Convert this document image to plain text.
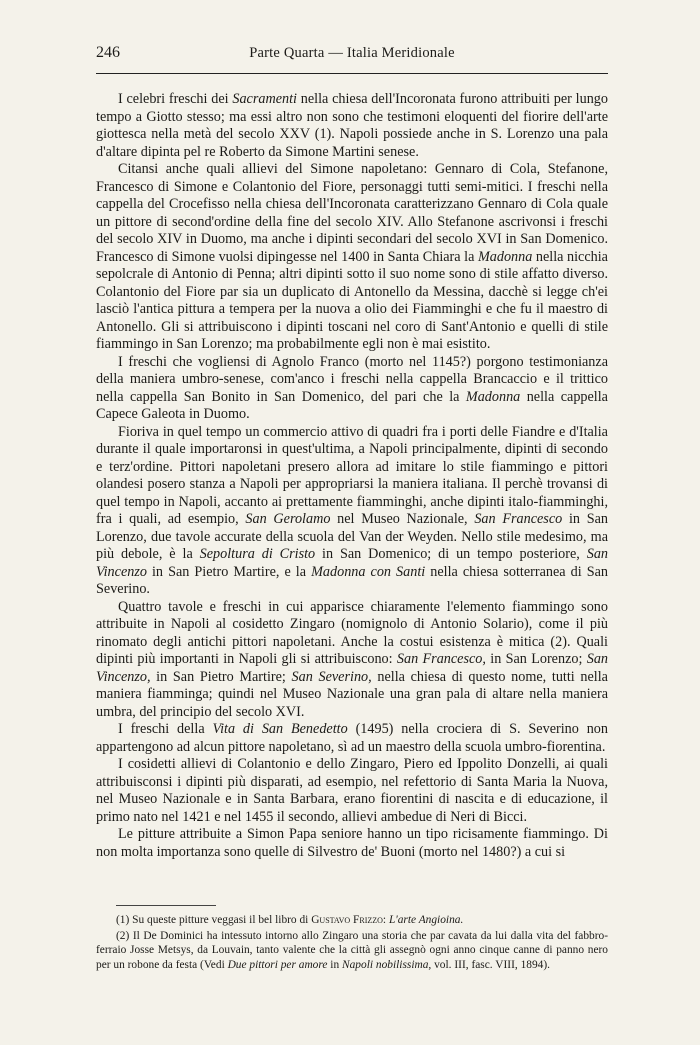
246	Parte Quarta — Italia Meridionale

I celebri freschi dei Sacramenti nella chiesa dell'Incoronata furono attribuiti per lungo tempo a Giotto stesso; ma essi altro non sono che testimoni eloquenti del fiorire dell'arte giottesca nella metà del secolo XXV (1). Napoli possiede anche in S. Lorenzo una pala d'altare dipinta pel re Roberto da Simone Martini senese.

Citansi anche quali allievi del Simone napoletano: Gennaro di Cola, Stefanone, Francesco di Simone e Colantonio del Fiore, personaggi tutti semi-mitici. I freschi nella cappella del Crocefisso nella chiesa dell'Incoronata caratterizzano Gennaro di Cola quale un pittore di second'ordine della fine del secolo XIV. Allo Stefanone ascrivonsi i freschi del secolo XIV in Duomo, ma anche i dipinti secondari del secolo XVI in San Domenico. Francesco di Simone vuolsi dipingesse nel 1400 in Santa Chiara la Madonna nella nicchia sepolcrale di Antonio di Penna; altri dipinti sotto il suo nome sono di stile affatto diverso. Colantonio del Fiore par sia un duplicato di Antonello da Messina, dacchè si legge ch'ei lasciò l'antica pittura a tempera per la nuova a olio dei Fiamminghi e che fu il maestro di Antonello. Gli si attribuiscono i dipinti toscani nel coro di Sant'Antonio e quelli di stile fiammingo in San Lorenzo; ma probabilmente egli non è mai esistito.

I freschi che vogliensi di Agnolo Franco (morto nel 1145?) porgono testimonianza della maniera umbro-senese, com'anco i freschi nella cappella Brancaccio e il trittico nella cappella San Bonito in San Domenico, del pari che la Madonna nella cappella Capece Galeota in Duomo.

Fioriva in quel tempo un commercio attivo di quadri fra i porti delle Fiandre e d'Italia durante il quale importaronsi in quest'ultima, a Napoli principalmente, dipinti di secondo e terz'ordine. Pittori napoletani presero allora ad imitare lo stile fiammingo e pittori olandesi posero stanza a Napoli per appropriarsi la maniera italiana. Il perchè trovansi di quel tempo in Napoli, accanto ai prettamente fiamminghi, anche dipinti italo-fiamminghi, fra i quali, ad esempio, San Gerolamo nel Museo Nazionale, San Francesco in San Lorenzo, due tavole accurate della scuola del Van der Weyden. Nello stile medesimo, ma più debole, è la Sepoltura di Cristo in San Domenico; di un tempo posteriore, San Vincenzo in San Pietro Martire, e la Madonna con Santi nella chiesa sotterranea di San Severino.

Quattro tavole e freschi in cui apparisce chiaramente l'elemento fiammingo sono attribuite in Napoli al cosidetto Zingaro (nomignolo di Antonio Solario), come il più rinomato degli antichi pittori napoletani. Anche la costui esistenza è mitica (2). Quali dipinti più importanti in Napoli gli si attribuiscono: San Francesco, in San Lorenzo; San Vincenzo, in San Pietro Martire; San Severino, nella chiesa di questo nome, tutti nella maniera fiamminga; quindi nel Museo Nazionale una gran pala di altare nella maniera umbra, del principio del secolo XVI.

I freschi della Vita di San Benedetto (1495) nella crociera di S. Severino non appartengono ad alcun pittore napoletano, sì ad un maestro della scuola umbro-fiorentina.

I cosidetti allievi di Colantonio e dello Zingaro, Piero ed Ippolito Donzelli, ai quali attribuisconsi i dipinti più disparati, ad esempio, nel refettorio di Santa Maria la Nuova, nel Museo Nazionale e in Santa Barbara, erano fiorentini di nascita e di educazione, il primo nato nel 1421 e nel 1455 il secondo, allievi ambedue di Neri di Bicci.

Le pitture attribuite a Simon Papa seniore hanno un tipo ricisamente fiammingo. Di non molta importanza sono quelle di Silvestro de' Buoni (morto nel 1480?) a cui si

(1) Su queste pitture veggasi il bel libro di Gustavo Frizzo: L'arte Angioina.

(2) Il De Dominici ha intessuto intorno allo Zingaro una storia che par cavata da lui dalla vita del fabbro-ferraio Josse Metsys, da Louvain, tanto valente che la città gli assegnò ogni anno cinque canne di panno nero per un robone da festa (Vedi Due pittori per amore in Napoli nobilissima, vol. III, fasc. VIII, 1894).
